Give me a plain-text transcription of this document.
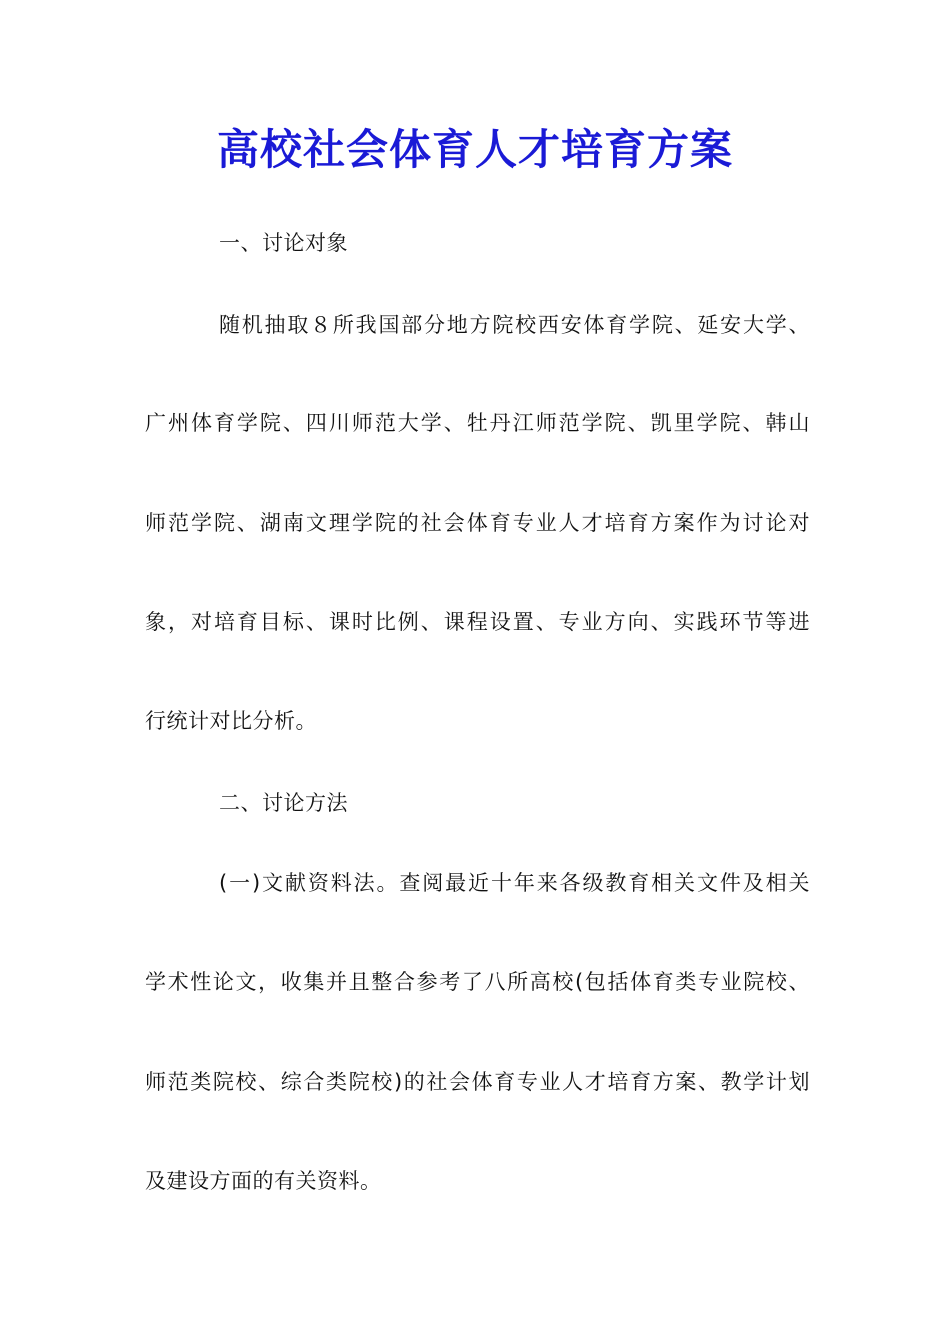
高校社会体育人才培育方案
一、讨论对象
随机抽取８所我国部分地方院校西安体育学院、延安大学、
广州体育学院、四川师范大学、牡丹江师范学院、凯里学院、韩山
师范学院、湖南文理学院的社会体育专业人才培育方案作为讨论对
象，对培育目标、课时比例、课程设置、专业方向、实践环节等进
行统计对比分析。
二、讨论方法
(一)文献资料法。查阅最近十年来各级教育相关文件及相关
学术性论文，收集并且整合参考了八所高校(包括体育类专业院校、
师范类院校、综合类院校)的社会体育专业人才培育方案、教学计划
及建设方面的有关资料。
